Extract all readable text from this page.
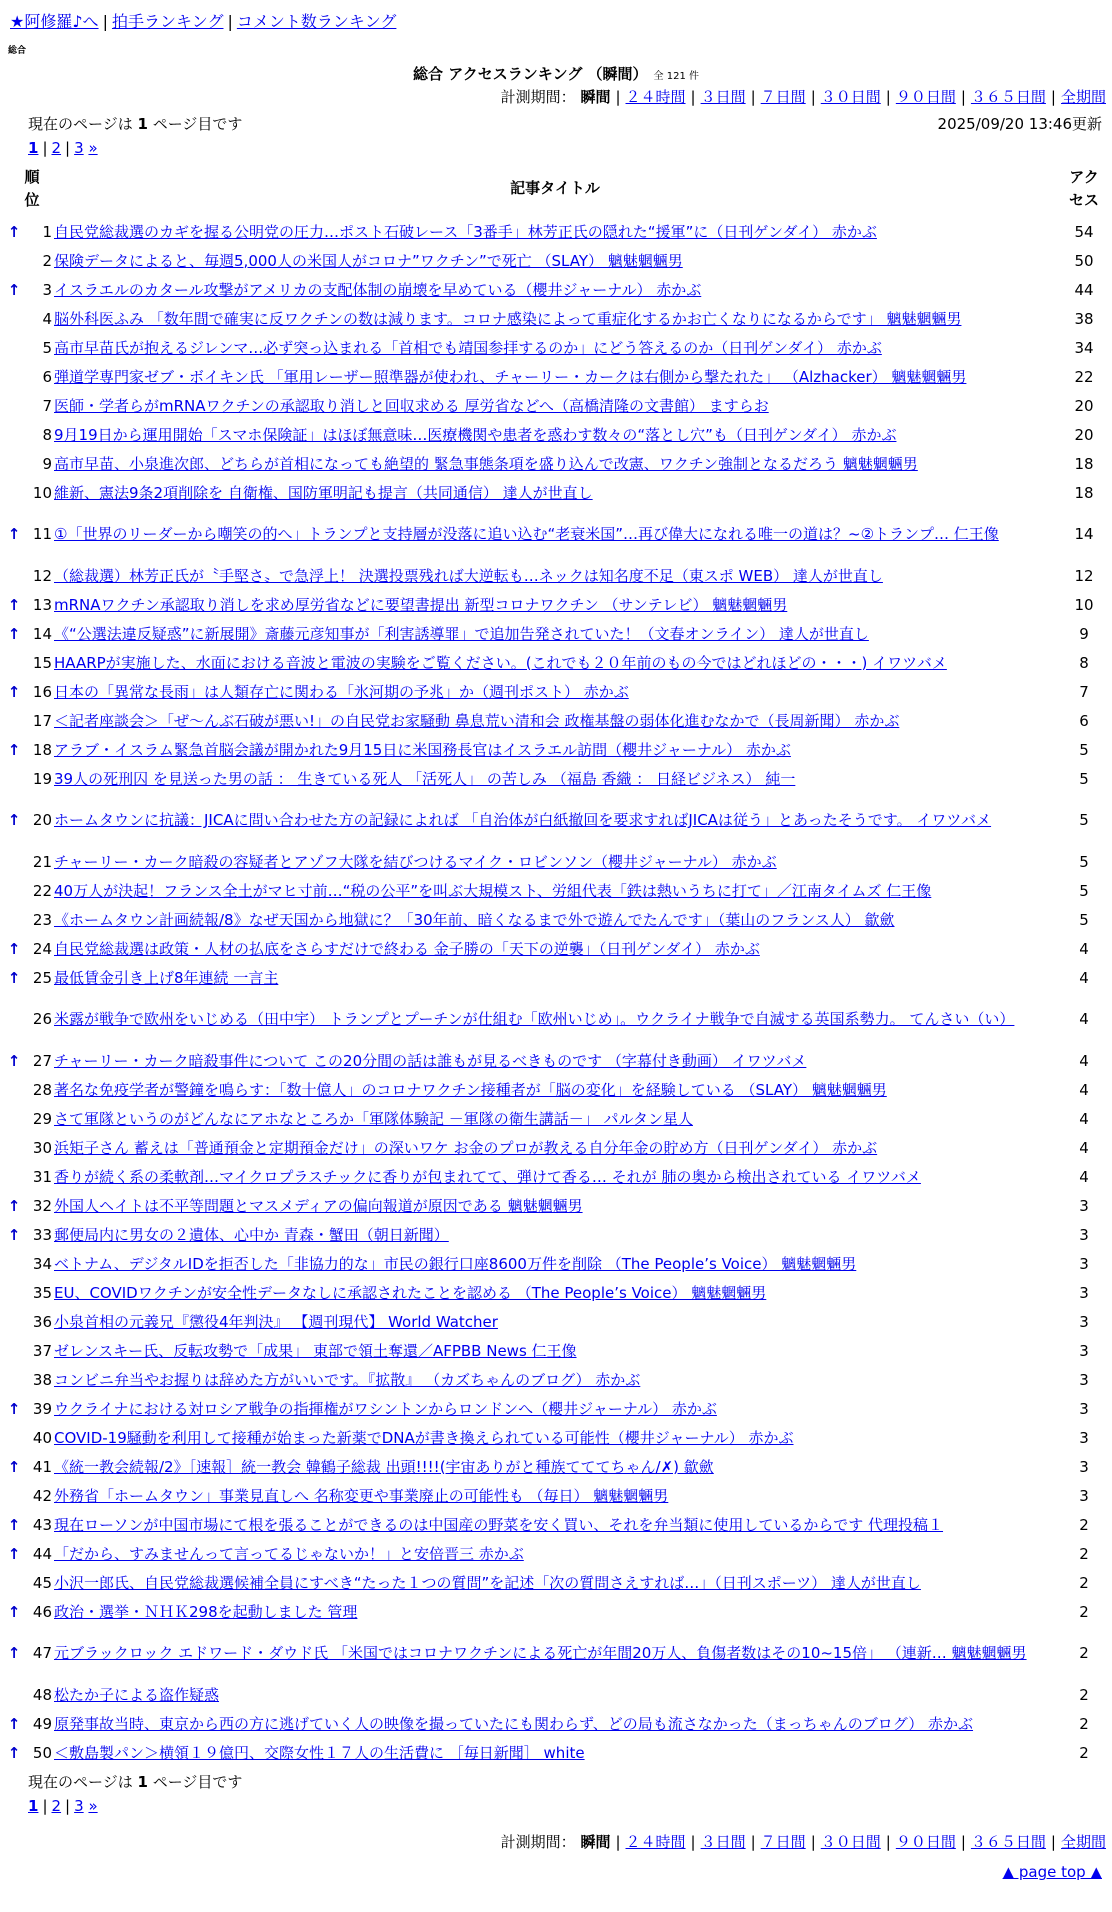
★阿修羅♪へ | 拍手ランキング | コメント数ランキング
総合
総合 アクセスランキング （瞬間） 全 121 件
計測期間： 瞬間 | ２４時間 | ３日間 | ７日間 | ３０日間 | ９０日間 | ３６５日間 | 全期間
現在のページは 1 ページ目です	2025/09/20 13:46更新
1 | 2 | 3 »
順
位
記事タイトル
アク
セス
↑	1 自民党総裁選のカギを握る公明党の圧力…ポスト石破レース「3番手」林芳正氏の隠れた“援軍”に（日刊ゲンダイ） 赤かぶ	54
2 保険データによると、毎週5,000人の米国人がコロナ”ワクチン”で死亡 （SLAY） 魑魅魍魎男	50
↑	3 イスラエルのカタール攻撃がアメリカの支配体制の崩壊を早めている（櫻井ジャーナル） 赤かぶ	44
4 脳外科医ふみ 「数年間で確実に反ワクチンの数は減ります。コロナ感染によって重症化するかお亡くなりになるからです」 魑魅魍魎男	38
5 高市早苗氏が抱えるジレンマ…必ず突っ込まれる「首相でも靖国参拝するのか」にどう答えるのか（日刊ゲンダイ） 赤かぶ	34
6 弾道学専門家ゼブ・ボイキン氏 「軍用レーザー照準器が使われ、チャーリー・カークは右側から撃たれた」 （Alzhacker） 魑魅魍魎男	22
7 医師・学者らがmRNAワクチンの承認取り消しと回収求める 厚労省などへ（高橋清隆の文書館） ますらお	20
8 9月19日から運用開始「スマホ保険証」はほぼ無意味…医療機関や患者を惑わす数々の“落とし穴”も（日刊ゲンダイ） 赤かぶ	20
9 高市早苗、小泉進次郎、どちらが首相になっても絶望的 緊急事態条項を盛り込んで改憲、ワクチン強制となるだろう 魑魅魍魎男	18
10 維新、憲法9条2項削除を 自衛権、国防軍明記も提言（共同通信） 達人が世直し	18
↑ 11 ①「世界のリーダーから嘲笑の的へ」トランプと支持層が没落に追い込む“老衰米国”…再び偉大になれる唯一の道は？~②トランプ… 仁王像	14
12 （総裁選）林芳正氏が〝手堅さ〟で急浮上！ 決選投票残れば大逆転も…ネックは知名度不足（東スポ WEB） 達人が世直し	12
↑ 13 mRNAワクチン承認取り消しを求め厚労省などに要望書提出 新型コロナワクチン （サンテレビ） 魑魅魍魎男	10
↑ 14 《“公選法違反疑惑”に新展開》斎藤元彦知事が「利害誘導罪」で追加告発されていた！（文春オンライン） 達人が世直し	9
15 HAARPが実施した、水面における音波と電波の実験をご覧ください。(これでも２０年前のもの今ではどれほどの・・・) イワツバメ	8
↑ 16 日本の「異常な長雨」は人類存亡に関わる「氷河期の予兆」か（週刊ポスト） 赤かぶ	7
17 ＜記者座談会＞「ぜ～んぶ石破が悪い!」の自民党お家騒動 鼻息荒い清和会 政権基盤の弱体化進むなかで（長周新聞） 赤かぶ	6
↑ 18 アラブ・イスラム緊急首脳会議が開かれた9月15日に米国務長官はイスラエル訪問（櫻井ジャーナル） 赤かぶ	5
19 39人の死刑囚 を見送った男の話 ： 生きている死人 「活死人」 の苦しみ （福島 香織 ： 日経ビジネス） 純一	5
↑ 20 ホームタウンに抗議：JICAに問い合わせた方の記録によれば 「自治体が白紙撤回を要求すればJICAは従う」とあったそうです。 イワツバメ	5
21 チャーリー・カーク暗殺の容疑者とアゾフ大隊を結びつけるマイク・ロビンソン（櫻井ジャーナル） 赤かぶ	5
22 40万人が決起！フランス全土がマヒ寸前…“税の公平”を叫ぶ大規模スト、労組代表「鉄は熱いうちに打て」／江南タイムズ 仁王像	5
23 《ホームタウン計画続報/8》なぜ天国から地獄に？「30年前、暗くなるまで外で遊んでたんです」（葉山のフランス人） 歙歛	5
↑ 24 自民党総裁選は政策・人材の払底をさらすだけで終わる 金子勝の「天下の逆襲」（日刊ゲンダイ） 赤かぶ	4
↑ 25 最低賃金引き上げ8年連続 一言主	4
26 米露が戦争で欧州をいじめる（田中宇） トランプとプーチンが仕組む「欧州いじめ」。ウクライナ戦争で自滅する英国系勢力。 てんさい（い）	4
↑ 27 チャーリー・カーク暗殺事件について この20分間の話は誰もが見るべきものです （字幕付き動画） イワツバメ	4
28 著名な免疫学者が警鐘を鳴らす：「数十億人」のコロナワクチン接種者が「脳の変化」を経験している （SLAY） 魑魅魍魎男	4
29 さて軍隊というのがどんなにアホなところか「軍隊体験記 －軍隊の衛生講話－」 パルタン星人	4
30 浜矩子さん 蓄えは「普通預金と定期預金だけ」の深いワケ お金のプロが教える自分年金の貯め方（日刊ゲンダイ） 赤かぶ	4
31 香りが続く系の柔軟剤…マイクロプラスチックに香りが包まれてて、弾けて香る… それが 肺の奥から検出されている イワツバメ	4
↑ 32 外国人ヘイトは不平等問題とマスメディアの偏向報道が原因である 魑魅魍魎男	3
↑ 33 郵便局内に男女の２遺体、心中か 青森・蟹田（朝日新聞）	3
34 ベトナム、デジタルIDを拒否した「非協力的な」市民の銀行口座8600万件を削除 （The People’s Voice） 魑魅魍魎男	3
35 EU、COVIDワクチンが安全性データなしに承認されたことを認める （The People’s Voice） 魑魅魍魎男	3
36 小泉首相の元義兄『懲役4年判決』 【週刊現代】 World Watcher	3
37 ゼレンスキー氏、反転攻勢で「成果」 東部で領土奪還／AFPBB News 仁王像	3
38 コンビニ弁当やお握りは辞めた方がいいです。『拡散』 （カズちゃんのブログ） 赤かぶ	3
↑ 39 ウクライナにおける対ロシア戦争の指揮権がワシントンからロンドンへ（櫻井ジャーナル） 赤かぶ	3
40 COVID-19騒動を利用して接種が始まった新薬でDNAが書き換えられている可能性（櫻井ジャーナル） 赤かぶ	3
↑ 41 《統一教会続報/2》［速報］統一教会 韓鶴子総裁 出頭!!!!(宇宙ありがと種族てててちゃん/✗) 歙歛	3
42 外務省「ホームタウン」事業見直しへ 名称変更や事業廃止の可能性も （毎日） 魑魅魍魎男	3
↑ 43 現在ローソンが中国市場にて根を張ることができるのは中国産の野菜を安く買い、それを弁当類に使用しているからです 代理投稿１	2
↑ 44 「だから、すみませんって言ってるじゃないか！」と安倍晋三 赤かぶ	2
45 小沢一郎氏、自民党総裁選候補全員にすべき“たった１つの質問”を記述「次の質問さえすれば…」（日刊スポーツ） 達人が世直し	2
↑ 46 政治・選挙・ＮＨＫ298を起動しました 管理	2
↑ 47 元ブラックロック エドワード・ダウド氏 「米国ではコロナワクチンによる死亡が年間20万人、負傷者数はその10~15倍」 （連新… 魑魅魍魎男	2
48 松たか子による盗作疑惑	2
↑ 49 原発事故当時、東京から西の方に逃げていく人の映像を撮っていたにも関わらず、どの局も流さなかった（まっちゃんのブログ） 赤かぶ	2
↑ 50 ＜敷島製パン＞横領１９億円、交際女性１７人の生活費に ［毎日新聞］ white	2
現在のページは 1 ページ目です
1 | 2 | 3 »
計測期間： 瞬間 | ２４時間 | ３日間 | ７日間 | ３０日間 | ９０日間 | ３６５日間 | 全期間
▲ page top ▲
